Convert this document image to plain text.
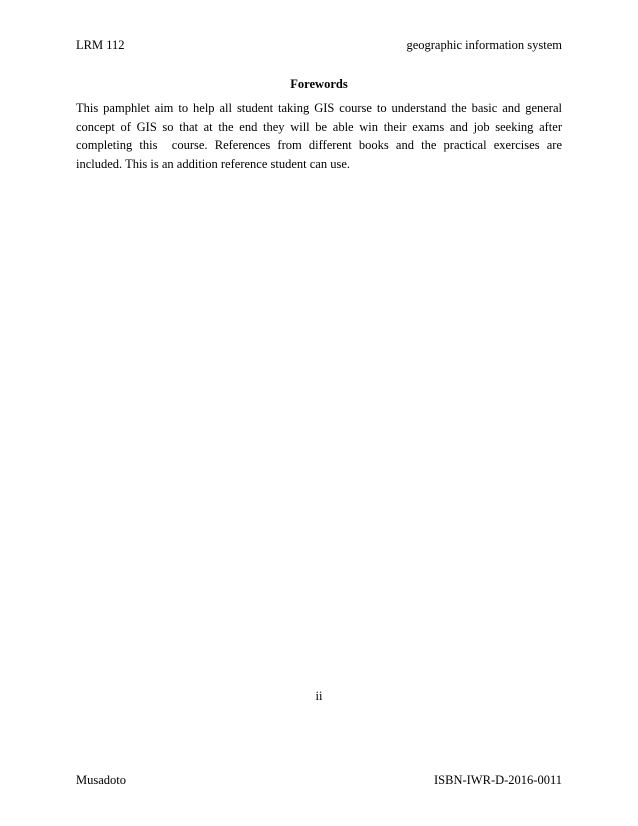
LRM 112	geographic information system
Forewords

This pamphlet aim to help all student taking GIS course to understand the basic and general concept of GIS so that at the end they will be able win their exams and job seeking after completing this  course. References from different books and the practical exercises are included. This is an addition reference student can use.

ii
Musadoto	ISBN-IWR-D-2016-0011
